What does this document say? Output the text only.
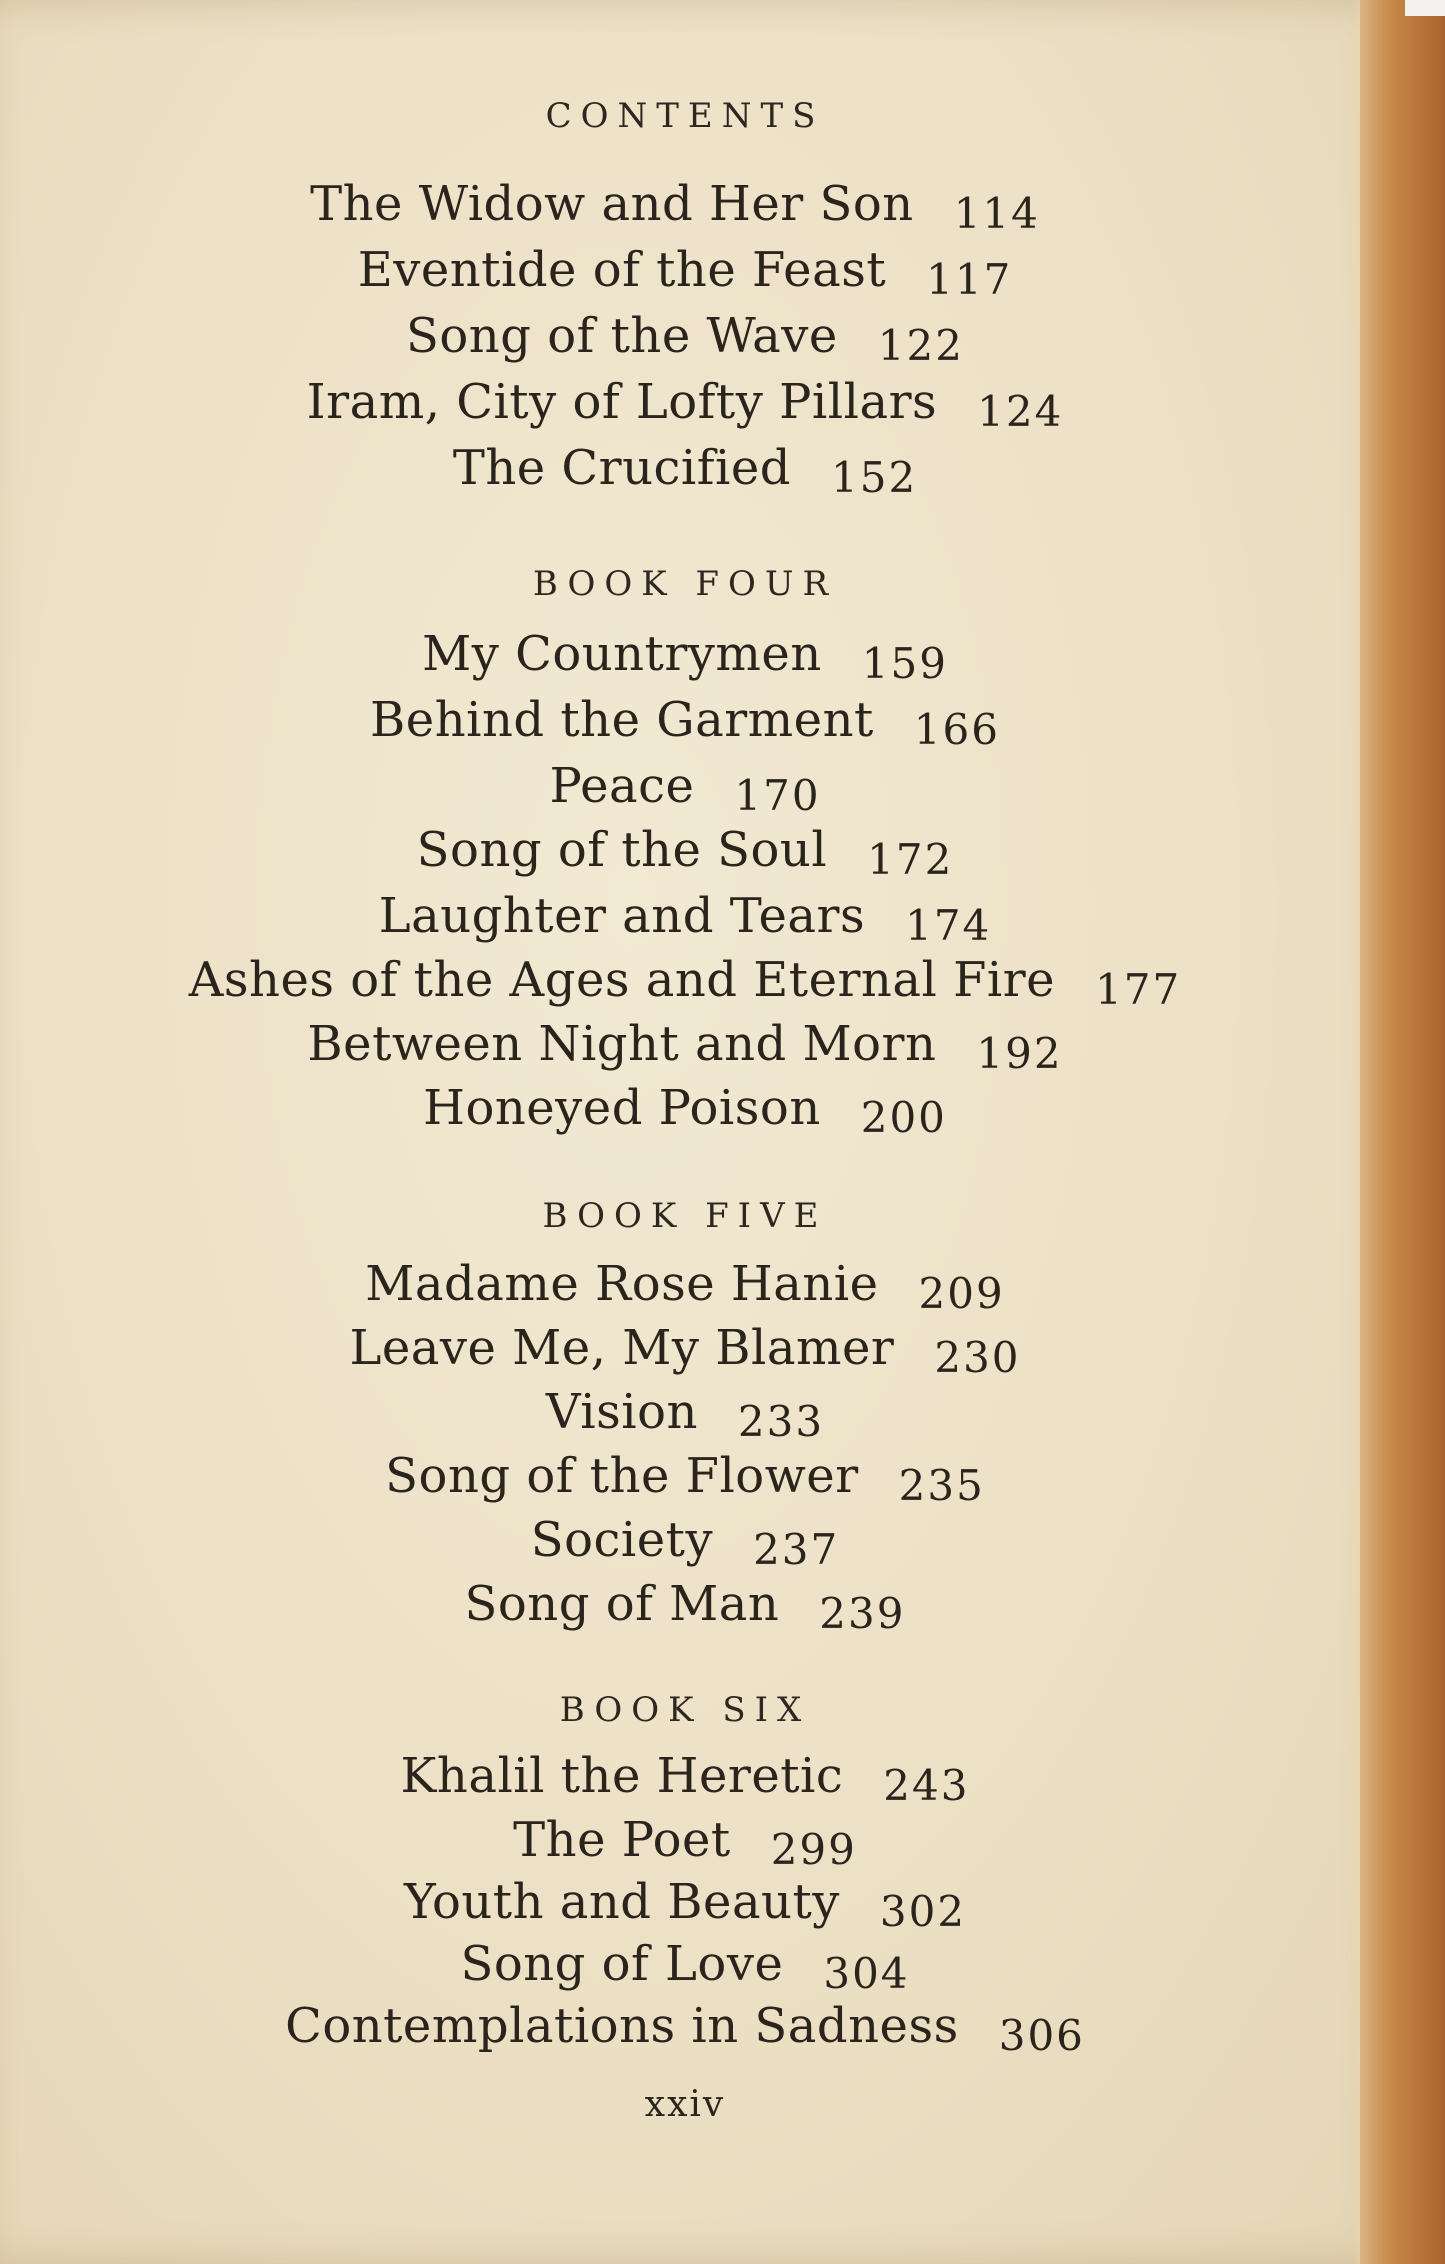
CONTENTS
The Widow and Her Son 114
Eventide of the Feast 117
Song of the Wave 122
Iram, City of Lofty Pillars 124
The Crucified 152
BOOK FOUR
My Countrymen 159
Behind the Garment 166
Peace 170
Song of the Soul 172
Laughter and Tears 174
Ashes of the Ages and Eternal Fire 177
Between Night and Morn 192
Honeyed Poison 200
BOOK FIVE
Madame Rose Hanie 209
Leave Me, My Blamer 230
Vision 233
Song of the Flower 235
Society 237
Song of Man 239
BOOK SIX
Khalil the Heretic 243
The Poet 299
Youth and Beauty 302
Song of Love 304
Contemplations in Sadness 306
xxiv
